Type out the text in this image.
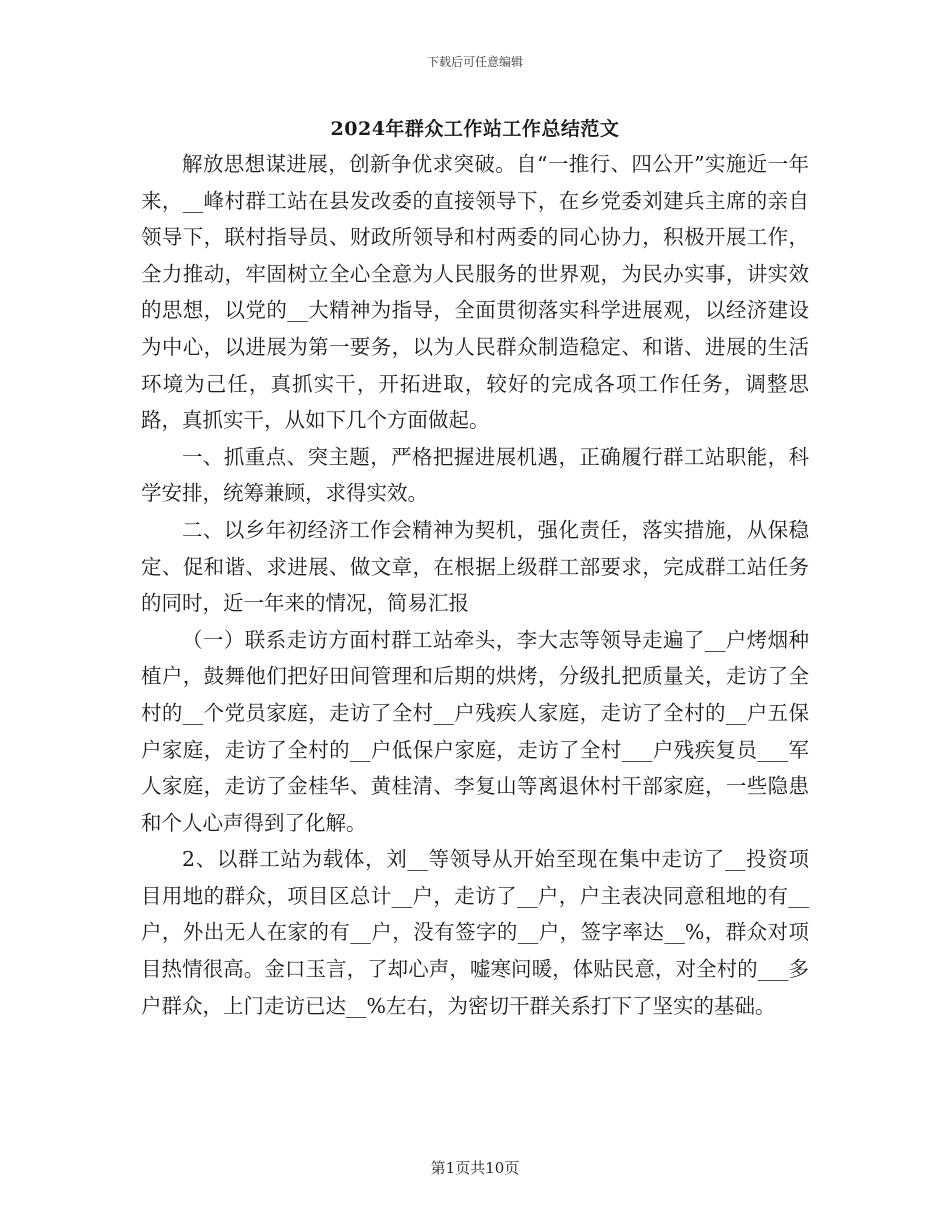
下载后可任意编辑
2024年群众工作站工作总结范文

解放思想谋进展，创新争优求突破。自“一推行、四公开”实施近一年来，__峰村群工站在县发改委的直接领导下，在乡党委刘建兵主席的亲自领导下，联村指导员、财政所领导和村两委的同心协力，积极开展工作，全力推动，牢固树立全心全意为人民服务的世界观，为民办实事，讲实效的思想，以党的__大精神为指导，全面贯彻落实科学进展观，以经济建设为中心，以进展为第一要务，以为人民群众制造稳定、和谐、进展的生活环境为己任，真抓实干，开拓进取，较好的完成各项工作任务，调整思路，真抓实干，从如下几个方面做起。

一、抓重点、突主题，严格把握进展机遇，正确履行群工站职能，科学安排，统筹兼顾，求得实效。

二、以乡年初经济工作会精神为契机，强化责任，落实措施，从保稳定、促和谐、求进展、做文章，在根据上级群工部要求，完成群工站任务的同时，近一年来的情况，简易汇报

（一）联系走访方面村群工站牵头，李大志等领导走遍了__户烤烟种植户，鼓舞他们把好田间管理和后期的烘烤，分级扎把质量关，走访了全村的__个党员家庭，走访了全村__户残疾人家庭，走访了全村的__户五保户家庭，走访了全村的__户低保户家庭，走访了全村___户残疾复员___军人家庭，走访了金桂华、黄桂清、李复山等离退休村干部家庭，一些隐患和个人心声得到了化解。

2、以群工站为载体，刘__等领导从开始至现在集中走访了__投资项目用地的群众，项目区总计__户，走访了__户，户主表决同意租地的有__户，外出无人在家的有__户，没有签字的__户，签字率达__%，群众对项目热情很高。金口玉言，了却心声，嘘寒问暖，体贴民意，对全村的___多户群众，上门走访已达__%左右，为密切干群关系打下了坚实的基础。

第1页共10页
